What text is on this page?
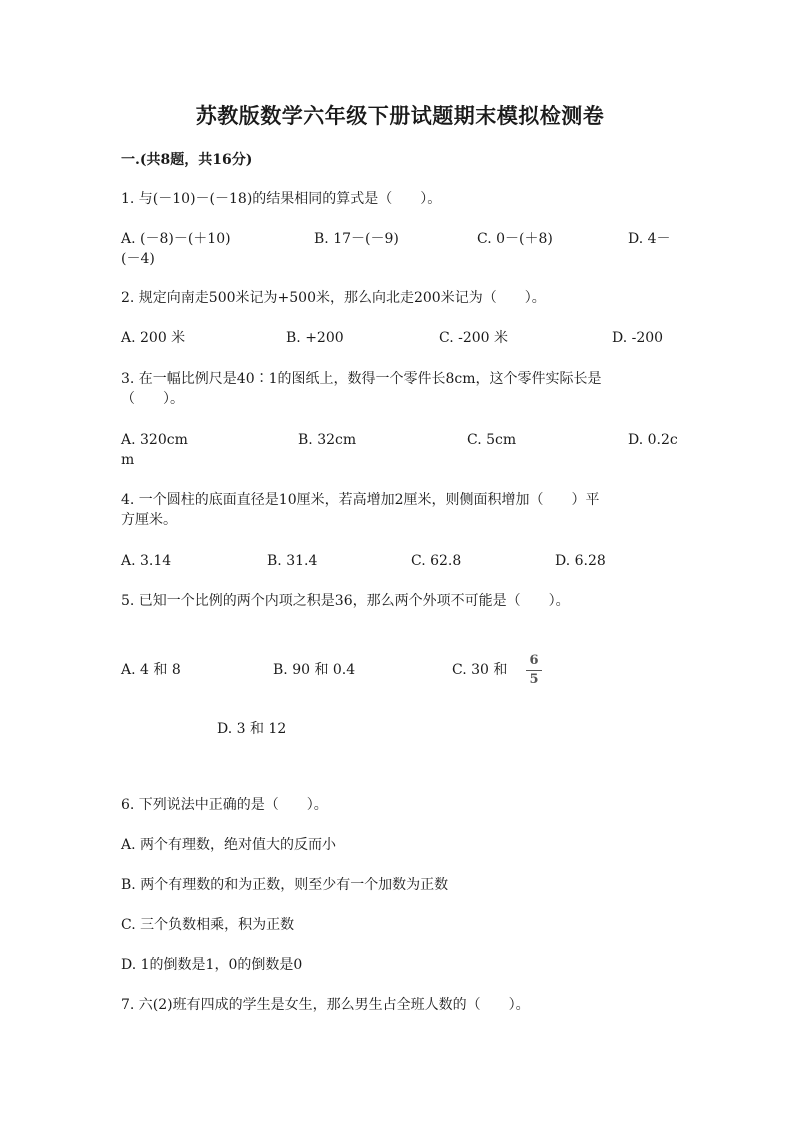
苏教版数学六年级下册试题期末模拟检测卷
一.(共8题，共16分)
1. 与(－10)－(－18)的结果相同的算式是（　　）。
A. (－8)－(＋10)	B. 17－(－9)	C. 0－(＋8)	D. 4－
(－4)
2. 规定向南走500米记为+500米，那么向北走200米记为（　　）。
A. 200 米	B. +200	C. -200 米	D. -200
3. 在一幅比例尺是40∶1的图纸上，数得一个零件长8cm，这个零件实际长是
（　　）。
A. 320cm	B. 32cm	C. 5cm	D. 0.2c
m
4. 一个圆柱的底面直径是10厘米，若高增加2厘米，则侧面积增加（　　）平
方厘米。
A. 3.14	B. 31.4	C. 62.8	D. 6.28
5. 已知一个比例的两个内项之积是36，那么两个外项不可能是（　　）。
A. 4 和 8	B. 90 和 0.4	C. 30 和
6
5
D. 3 和 12
6. 下列说法中正确的是（　　）。
A. 两个有理数，绝对值大的反而小
B. 两个有理数的和为正数，则至少有一个加数为正数
C. 三个负数相乘，积为正数
D. 1的倒数是1，0的倒数是0
7. 六(2)班有四成的学生是女生，那么男生占全班人数的（　　）。
